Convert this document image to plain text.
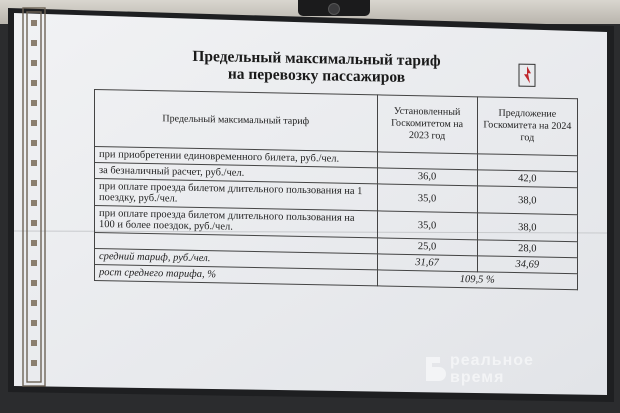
Предельный максимальный тариф
на перевозку пассажиров
Предельный максимальный тариф	Установленный Госкомитетом на 2023 год	Предложение Госкомитета на 2024 год
при приобретении единовременного билета, руб./чел.		
за безналичный расчет, руб./чел.	36,0	42,0
при оплате проезда билетом длительного пользования на 1 поездку, руб./чел.	35,0	38,0
при оплате проезда билетом длительного пользования на 100 и более поездок, руб./чел.	35,0	38,0
	25,0	28,0
средний тариф, руб./чел.	31,67	34,69
рост среднего тарифа, %	109,5 %	
реальное
время
